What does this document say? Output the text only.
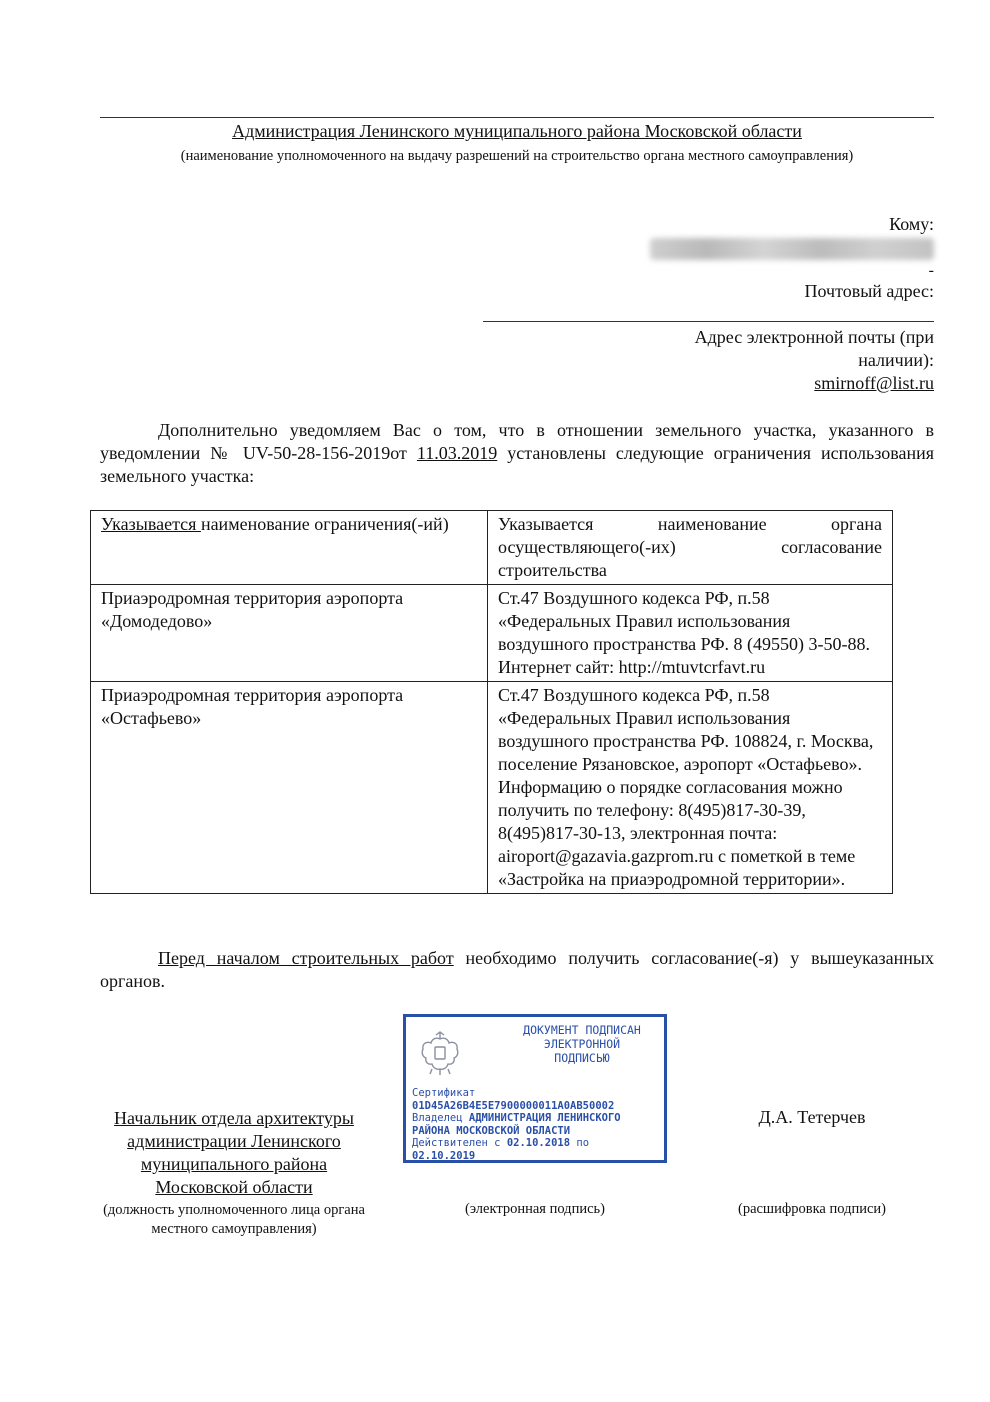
Администрация Ленинского муниципального района Московской области
(наименование уполномоченного на выдачу разрешений на строительство органа местного самоуправления)
Кому:
-
Почтовый адрес:
Адрес электронной почты (при
наличии):
smirnoff@list.ru
Дополнительно уведомляем Вас о том, что в отношении земельного участка, указанного в уведомлении № UV-50-28-156-2019от 11.03.2019 установлены следующие ограничения использования земельного участка:
Указывается наименование ограничения(-ий)	Указывается наименование органа осуществляющего(-их) согласование строительства
Приаэродромная территория аэропорта «Домодедово»	Ст.47 Воздушного кодекса РФ, п.58 «Федеральных Правил использования воздушного пространства РФ. 8 (49550) 3-50-88. Интернет сайт: http://mtuvtcrfavt.ru
Приаэродромная территория аэропорта «Остафьево»	Ст.47 Воздушного кодекса РФ, п.58 «Федеральных Правил использования воздушного пространства РФ. 108824, г. Москва, поселение Рязановское, аэропорт «Остафьево». Информацию о порядке согласования можно получить по телефону: 8(495)817-30-39, 8(495)817-30-13, электронная почта: airoport@gazavia.gazprom.ru с пометкой в теме «Застройка на приаэродромной территории».
Перед началом строительных работ необходимо получить согласование(-я) у вышеуказанных органов.
ДОКУМЕНТ ПОДПИСАН
ЭЛЕКТРОННОЙ
ПОДПИСЬЮ
Сертификат
01D45A26B4E5E7900000011A0AB50002
Владелец АДМИНИСТРАЦИЯ ЛЕНИНСКОГО РАЙОНА МОСКОВСКОЙ ОБЛАСТИ
Действителен с 02.10.2018 по
02.10.2019
Начальник отдела архитектуры администрации Ленинского муниципального района Московской области
(должность уполномоченного лица органа местного самоуправления)
(электронная подпись)
Д.А. Тетерчев
(расшифровка подписи)
